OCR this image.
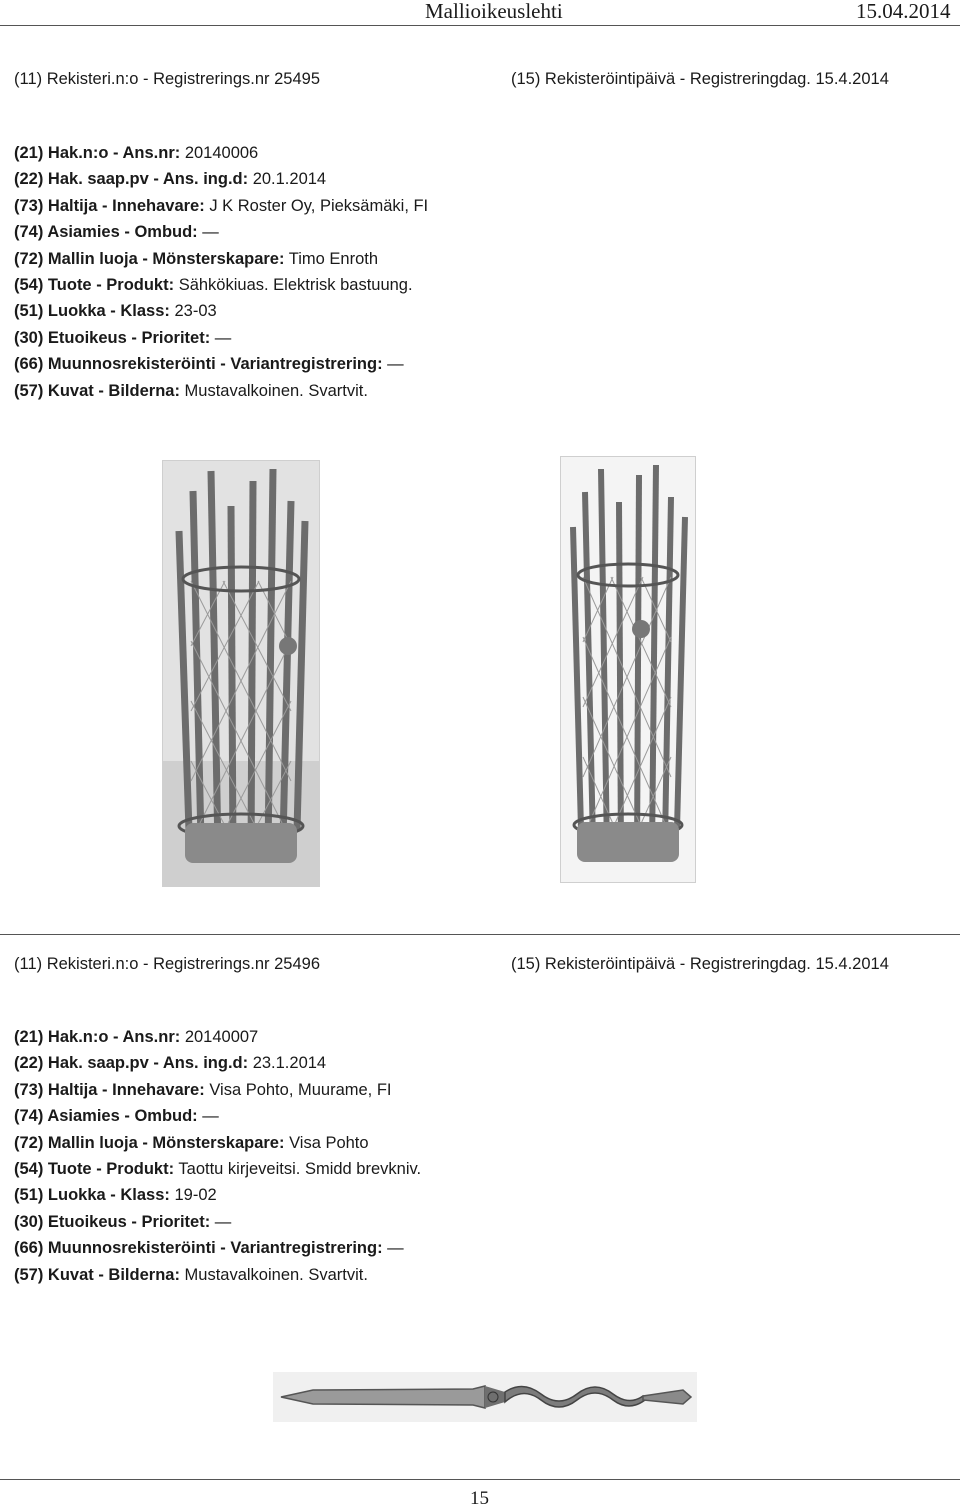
Mallioikeuslehti	15.04.2014
(11) Rekisteri.n:o - Registrerings.nr 25495	(15) Rekisteröintipäivä - Registreringdag. 15.4.2014
(21) Hak.n:o - Ans.nr: 20140006
(22) Hak. saap.pv - Ans. ing.d: 20.1.2014
(73) Haltija - Innehavare: J K Roster Oy, Pieksämäki, FI
(74) Asiamies - Ombud: —
(72) Mallin luoja - Mönsterskapare: Timo Enroth
(54) Tuote - Produkt: Sähkökiuas. Elektrisk bastuung.
(51) Luokka - Klass: 23-03
(30) Etuoikeus - Prioritet: —
(66) Muunnosrekisteröinti - Variantregistrering: —
(57) Kuvat - Bilderna: Mustavalkoinen. Svartvit.
(11) Rekisteri.n:o - Registrerings.nr 25496	(15) Rekisteröintipäivä - Registreringdag. 15.4.2014
(21) Hak.n:o - Ans.nr: 20140007
(22) Hak. saap.pv - Ans. ing.d: 23.1.2014
(73) Haltija - Innehavare: Visa Pohto, Muurame, FI
(74) Asiamies - Ombud: —
(72) Mallin luoja - Mönsterskapare: Visa Pohto
(54) Tuote - Produkt: Taottu kirjeveitsi. Smidd brevkniv.
(51) Luokka - Klass: 19-02
(30) Etuoikeus - Prioritet: —
(66) Muunnosrekisteröinti - Variantregistrering: —
(57) Kuvat - Bilderna: Mustavalkoinen. Svartvit.
15
